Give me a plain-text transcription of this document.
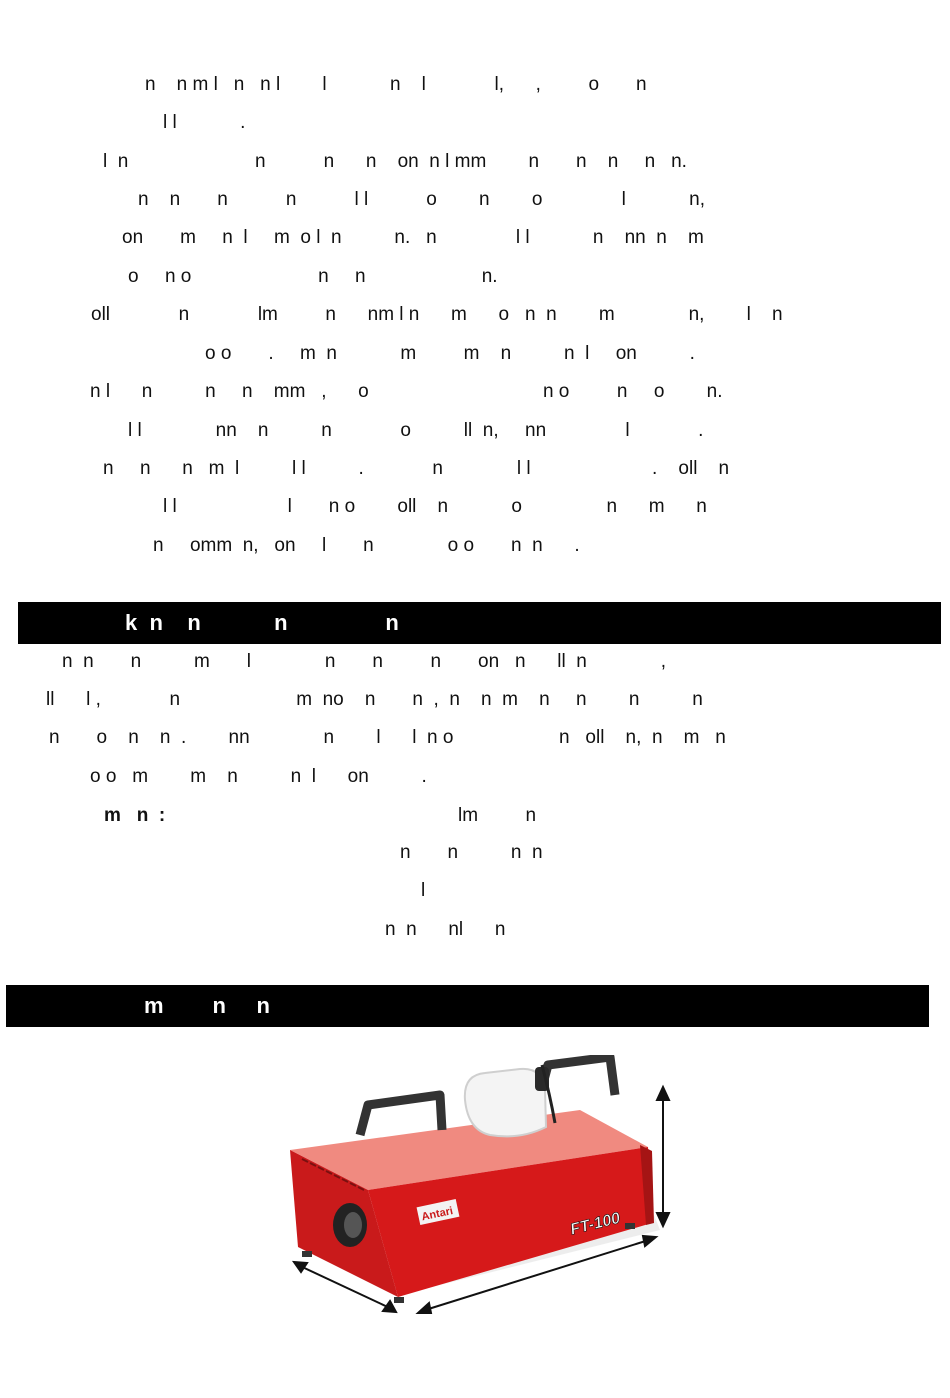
n    n m l   n   n l        l            n    l             l,      ,         o       n
l l            .
l  n                        n           n      n    on  n l mm        n       n    n     n   n.
n    n       n           n           l l           o        n        o               l            n,
on       m     n  l     m  o l  n          n.   n               l l            n    nn  n    m
o     n o                        n     n                      n.
oll             n             lm         n      nm l n      m      o   n  n        m              n,        l    n
o o       .     m  n            m         m    n          n  l     on          .
n l      n          n     n    mm   ,      o                                 n o         n     o        n.
l l              nn    n          n             o          ll  n,     nn               l             .
n     n      n   m  l          l l          .             n              l l                       .    oll    n
l l                     l       n o        oll    n            o                n      m      n
n     omm  n,   on     l       n              o o       n  n      .
k  n    n            n                n
n  n       n          m       l              n       n         n       on   n      ll  n              ,
ll      l ,             n                      m  no    n       n  ,  n    n  m    n     n        n          n
n       o    n    n  .        nn              n        l      l  n o                    n   oll    n,  n    m   n
o o   m        m    n          n  l      on          .
m   n  :	lm         n
n       n          n  n
l
n  n      nl      n
m        n     n
Antari	FT-100
